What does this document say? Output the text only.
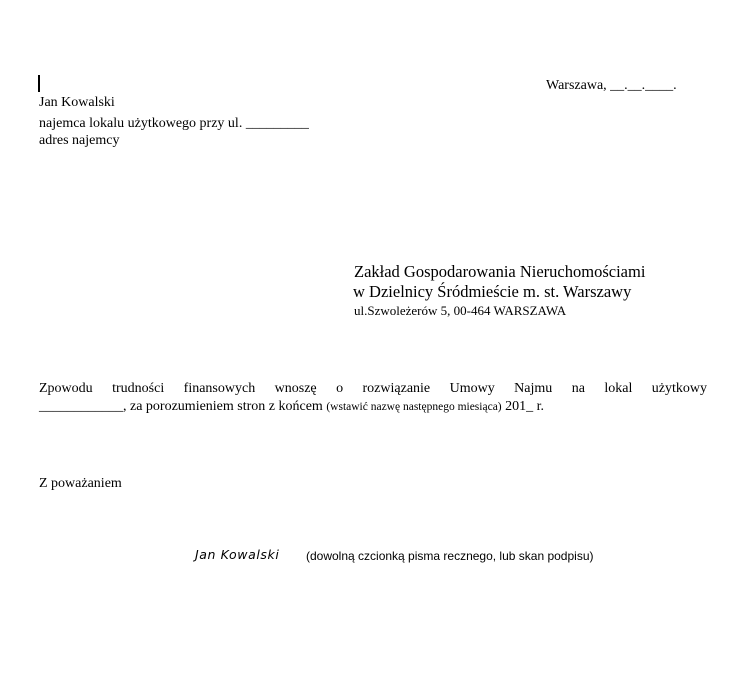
Warszawa, __.__.____.
Jan Kowalski
najemca lokalu użytkowego przy ul. _________
adres najemcy
Zakład Gospodarowania Nieruchomościami
w Dzielnicy Śródmieście m. st. Warszawy
ul.Szwoleżerów 5, 00-464 WARSZAWA
Zpowodu trudności finansowych wnoszę o rozwiązanie Umowy Najmu na lokal użytkowy
____________, za porozumieniem stron z końcem (wstawić nazwę następnego miesiąca) 201_ r.
Z poważaniem
Jan Kowalski (dowolną czcionką pisma recznego, lub skan podpisu)
